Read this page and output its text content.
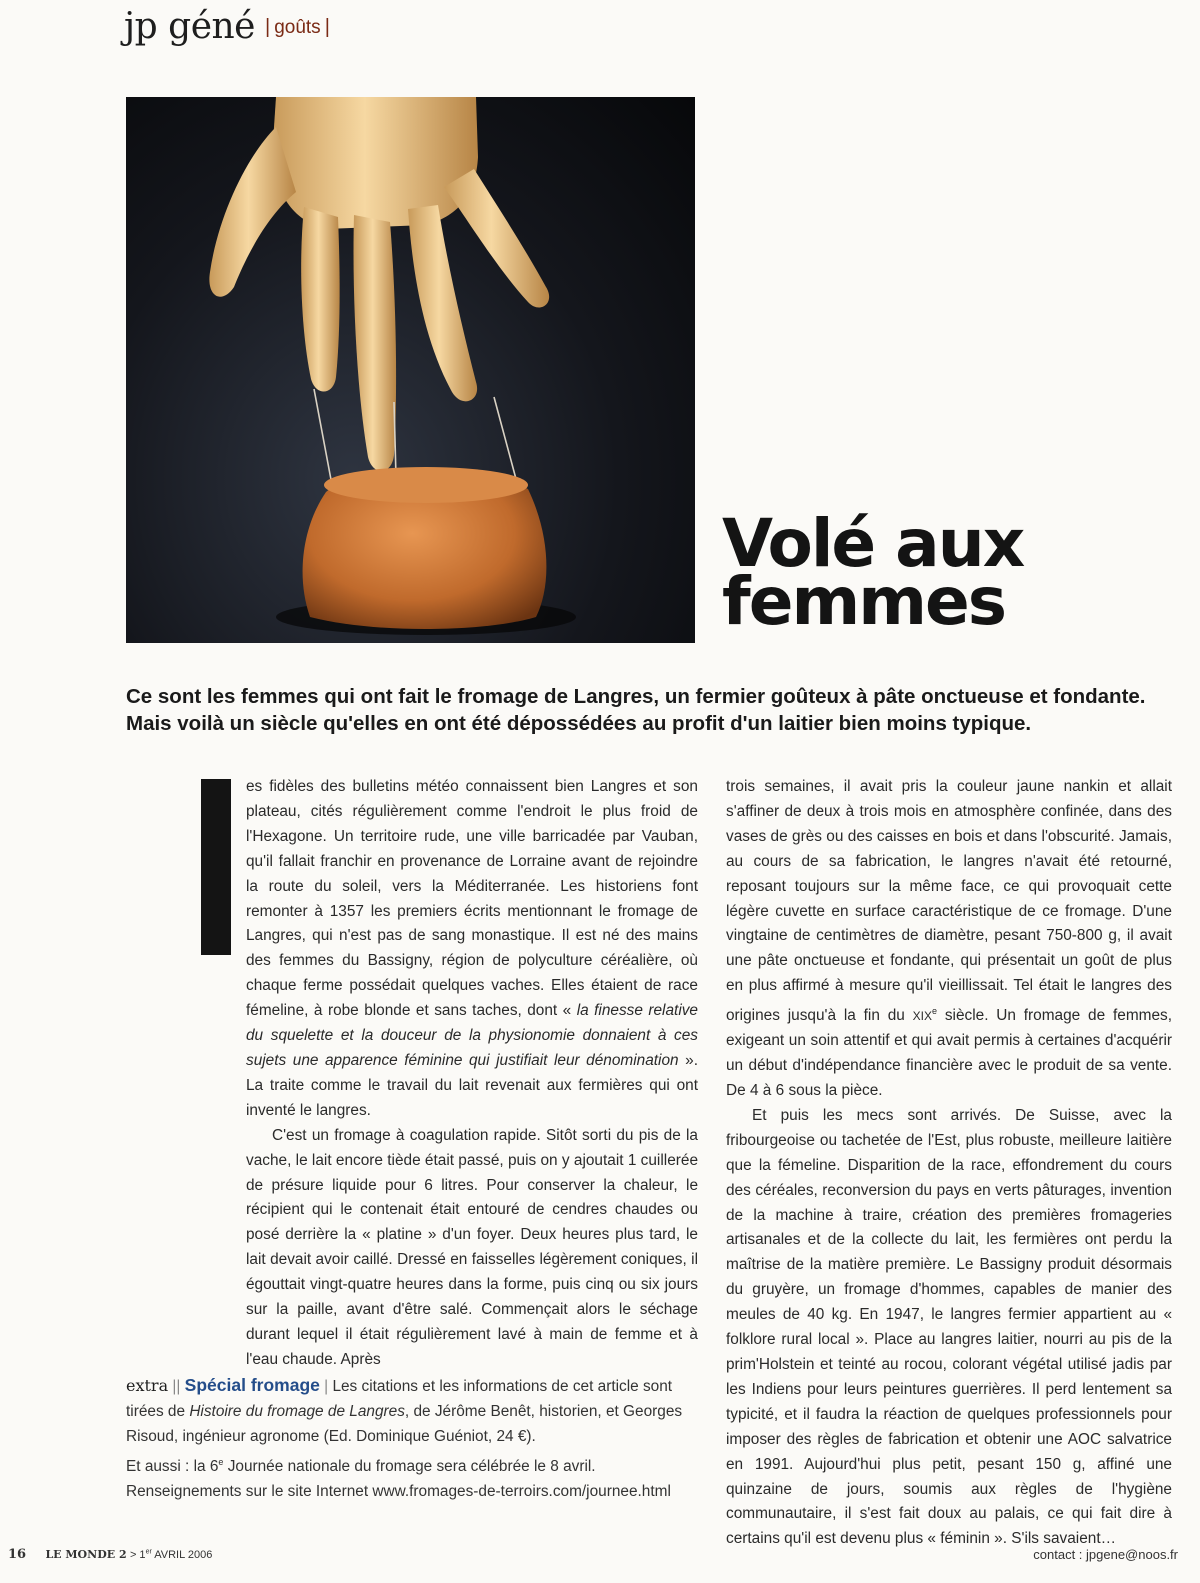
jp géné | goûts |
Volé aux femmes

Ce sont les femmes qui ont fait le fromage de Langres, un fermier goûteux à pâte onctueuse et fondante. Mais voilà un siècle qu'elles en ont été dépossédées au profit d'un laitier bien moins typique.

es fidèles des bulletins météo connaissent bien Langres et son plateau, cités régulièrement comme l'endroit le plus froid de l'Hexagone. Un territoire rude, une ville barricadée par Vauban, qu'il fallait franchir en provenance de Lorraine avant de rejoindre la route du soleil, vers la Méditerranée. Les historiens font remonter à 1357 les premiers écrits mentionnant le fromage de Langres, qui n'est pas de sang monastique. Il est né des mains des femmes du Bassigny, région de polyculture céréalière, où chaque ferme possédait quelques vaches. Elles étaient de race fémeline, à robe blonde et sans taches, dont « la finesse relative du squelette et la douceur de la physionomie donnaient à ces sujets une apparence féminine qui justifiait leur dénomination ». La traite comme le travail du lait revenait aux fermières qui ont inventé le langres.

C'est un fromage à coagulation rapide. Sitôt sorti du pis de la vache, le lait encore tiède était passé, puis on y ajoutait 1 cuillerée de présure liquide pour 6 litres. Pour conserver la chaleur, le récipient qui le contenait était entouré de cendres chaudes ou posé derrière la « platine » d'un foyer. Deux heures plus tard, le lait devait avoir caillé. Dressé en faisselles légèrement coniques, il égouttait vingt-quatre heures dans la forme, puis cinq ou six jours sur la paille, avant d'être salé. Commençait alors le séchage durant lequel il était régulièrement lavé à main de femme et à l'eau chaude. Après

trois semaines, il avait pris la couleur jaune nankin et allait s'affiner de deux à trois mois en atmosphère confinée, dans des vases de grès ou des caisses en bois et dans l'obscurité. Jamais, au cours de sa fabrication, le langres n'avait été retourné, reposant toujours sur la même face, ce qui provoquait cette légère cuvette en surface caractéristique de ce fromage. D'une vingtaine de centimètres de diamètre, pesant 750-800 g, il avait une pâte onctueuse et fondante, qui présentait un goût de plus en plus affirmé à mesure qu'il vieillissait. Tel était le langres des origines jusqu'à la fin du XIXe siècle. Un fromage de femmes, exigeant un soin attentif et qui avait permis à certaines d'acquérir un début d'indépendance financière avec le produit de sa vente. De 4 à 6 sous la pièce.

Et puis les mecs sont arrivés. De Suisse, avec la fribourgeoise ou tachetée de l'Est, plus robuste, meilleure laitière que la fémeline. Disparition de la race, effondrement du cours des céréales, reconversion du pays en verts pâturages, invention de la machine à traire, création des premières fromageries artisanales et de la collecte du lait, les fermières ont perdu la maîtrise de la matière première. Le Bassigny produit désormais du gruyère, un fromage d'hommes, capables de manier des meules de 40 kg. En 1947, le langres fermier appartient au « folklore rural local ». Place au langres laitier, nourri au pis de la prim'Holstein et teinté au rocou, colorant végétal utilisé jadis par les Indiens pour leurs peintures guerrières. Il perd lentement sa typicité, et il faudra la réaction de quelques professionnels pour imposer des règles de fabrication et obtenir une AOC salvatrice en 1991. Aujourd'hui plus petit, pesant 150 g, affiné une quinzaine de jours, soumis aux règles de l'hygiène communautaire, il s'est fait doux au palais, ce qui fait dire à certains qu'il est devenu plus « féminin ». S'ils savaient…

extra || Spécial fromage | Les citations et les informations de cet article sont tirées de Histoire du fromage de Langres, de Jérôme Benêt, historien, et Georges Risoud, ingénieur agronome (Ed. Dominique Guéniot, 24 €).

Et aussi : la 6e Journée nationale du fromage sera célébrée le 8 avril. Renseignements sur le site Internet www.fromages-de-terroirs.com/journee.html

16 LE MONDE 2 > 1er AVRIL 2006	contact : jpgene@noos.fr
